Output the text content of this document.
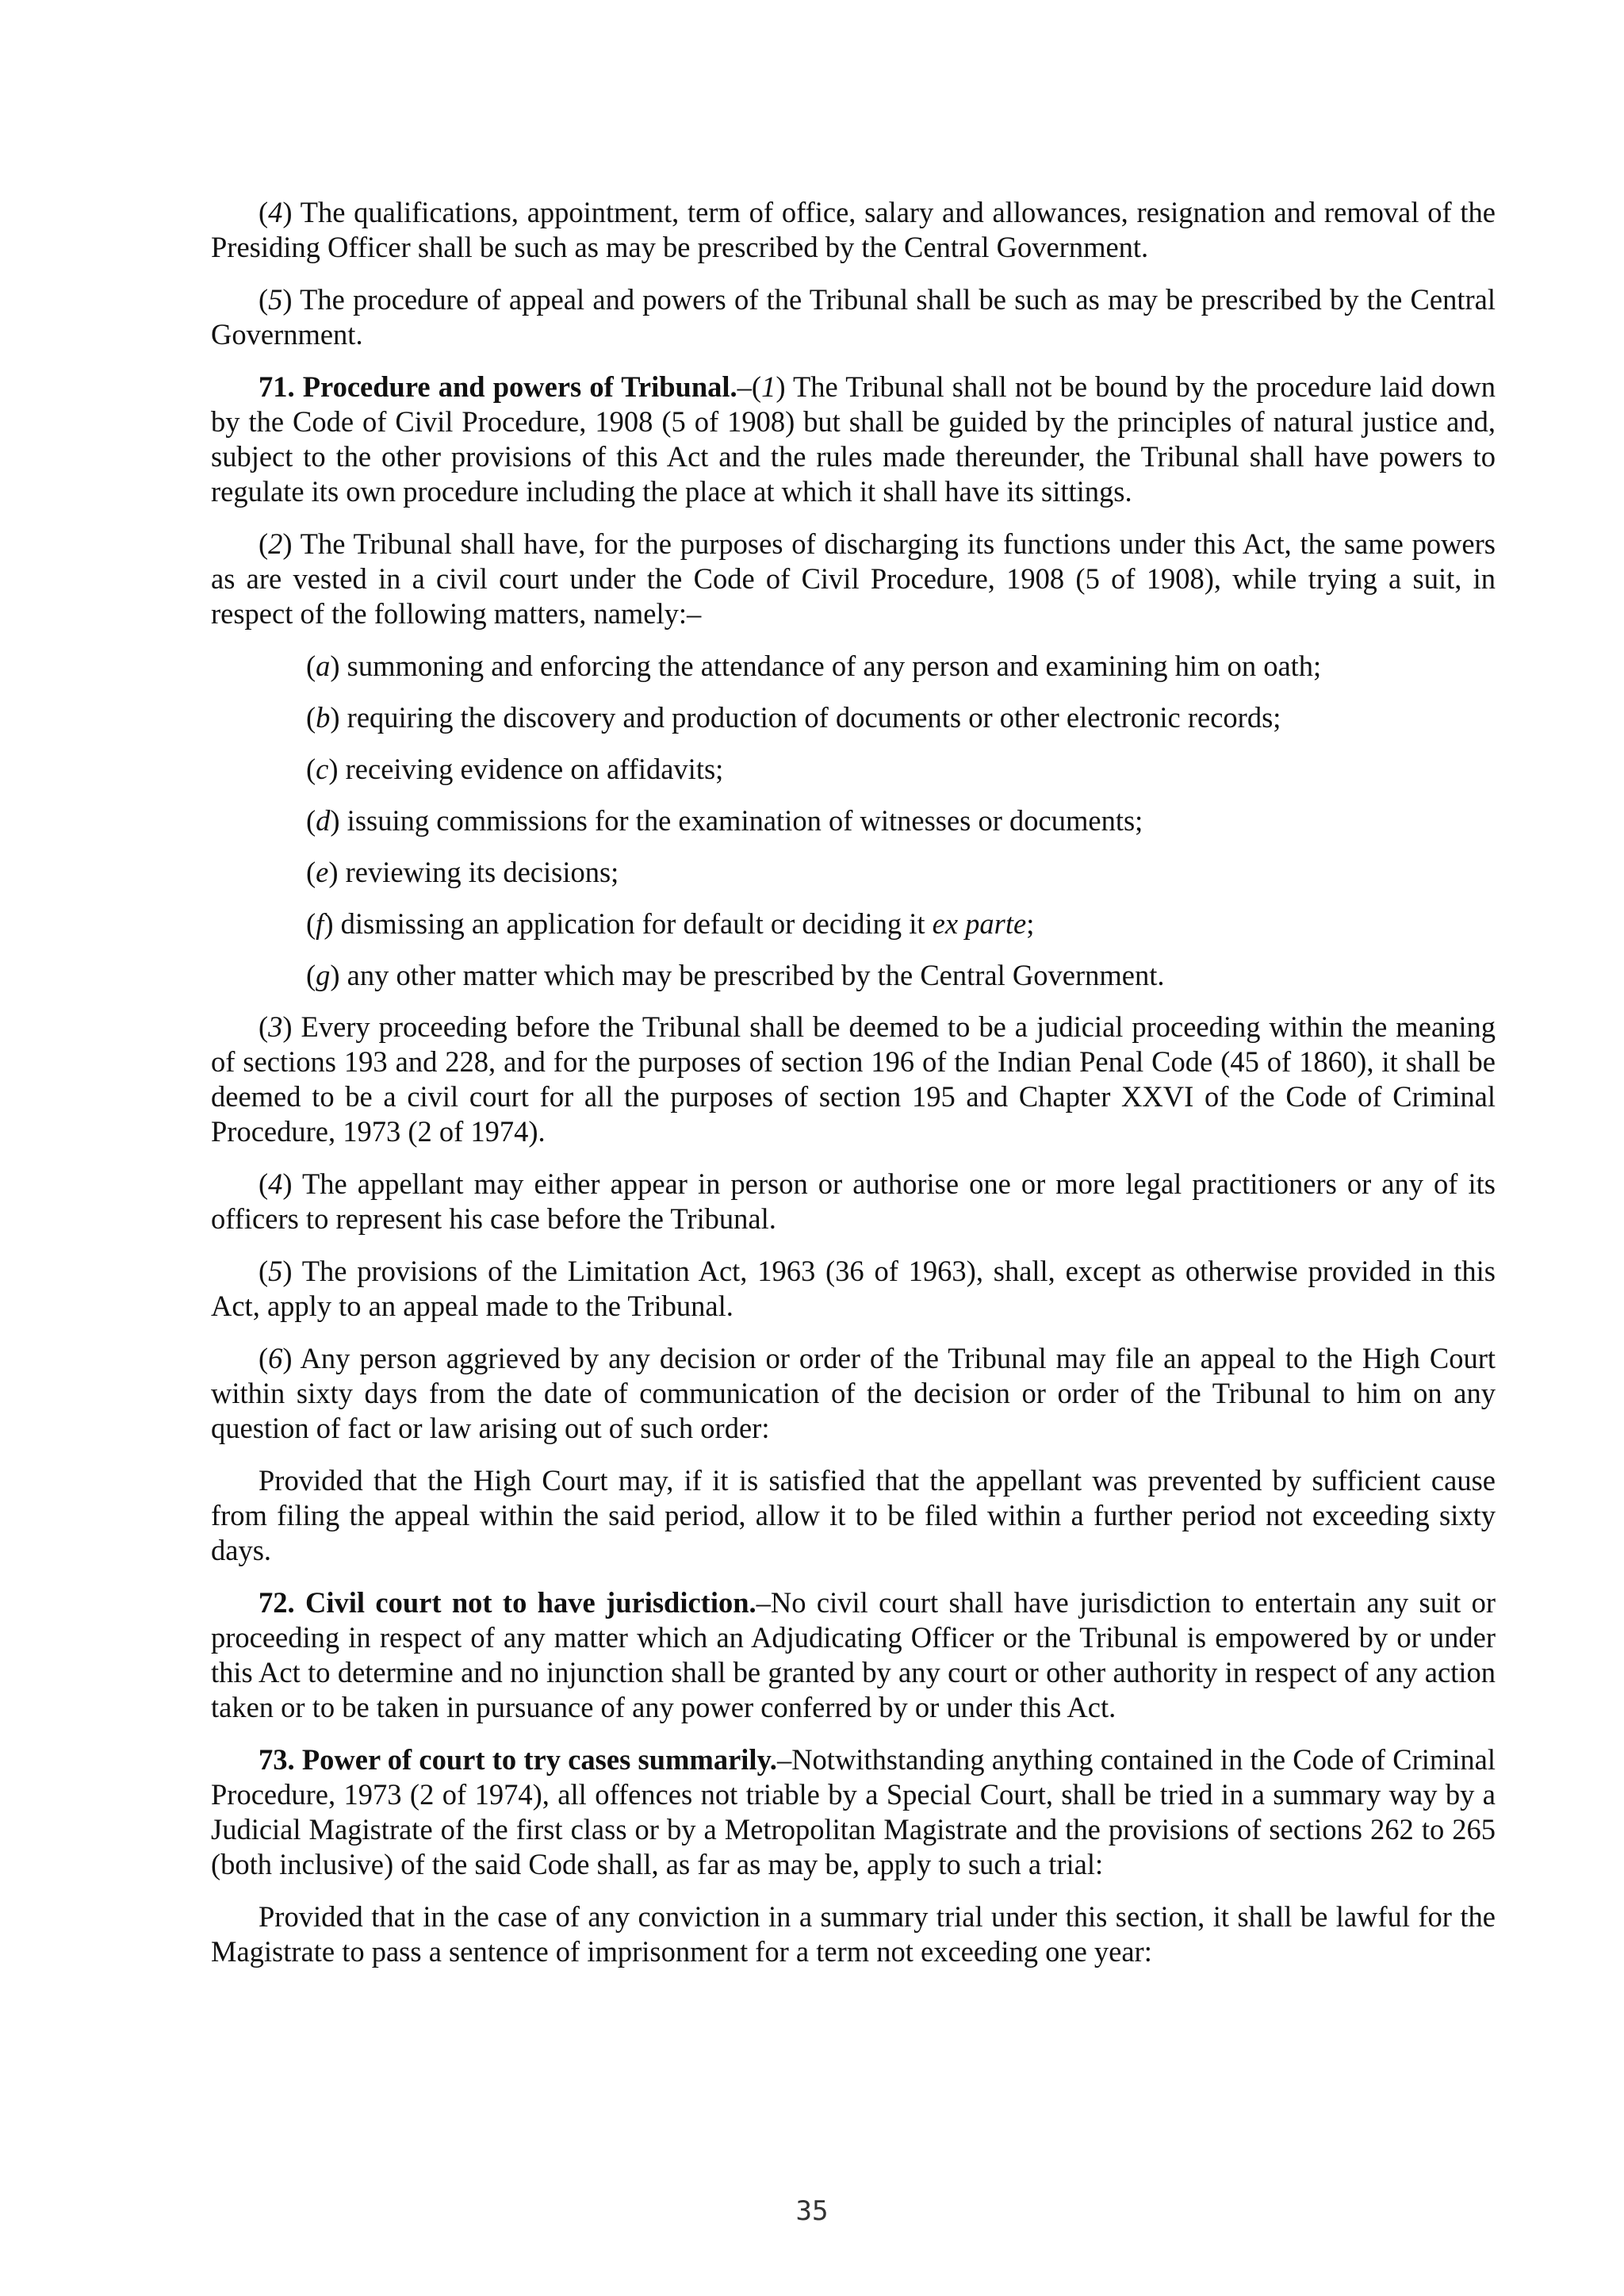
(4) The qualifications, appointment, term of office, salary and allowances, resignation and removal of the Presiding Officer shall be such as may be prescribed by the Central Government.

(5) The procedure of appeal and powers of the Tribunal shall be such as may be prescribed by the Central Government.

71. Procedure and powers of Tribunal.–(1) The Tribunal shall not be bound by the procedure laid down by the Code of Civil Procedure, 1908 (5 of 1908) but shall be guided by the principles of natural justice and, subject to the other provisions of this Act and the rules made thereunder, the Tribunal shall have powers to regulate its own procedure including the place at which it shall have its sittings.

(2) The Tribunal shall have, for the purposes of discharging its functions under this Act, the same powers as are vested in a civil court under the Code of Civil Procedure, 1908 (5 of 1908), while trying a suit, in respect of the following matters, namely:–

(a) summoning and enforcing the attendance of any person and examining him on oath;

(b) requiring the discovery and production of documents or other electronic records;

(c) receiving evidence on affidavits;

(d) issuing commissions for the examination of witnesses or documents;

(e) reviewing its decisions;

(f) dismissing an application for default or deciding it ex parte;

(g) any other matter which may be prescribed by the Central Government.

(3) Every proceeding before the Tribunal shall be deemed to be a judicial proceeding within the meaning of sections 193 and 228, and for the purposes of section 196 of the Indian Penal Code (45 of 1860), it shall be deemed to be a civil court for all the purposes of section 195 and Chapter XXVI of the Code of Criminal Procedure, 1973 (2 of 1974).

(4) The appellant may either appear in person or authorise one or more legal practitioners or any of its officers to represent his case before the Tribunal.

(5) The provisions of the Limitation Act, 1963 (36 of 1963), shall, except as otherwise provided in this Act, apply to an appeal made to the Tribunal.

(6) Any person aggrieved by any decision or order of the Tribunal may file an appeal to the High Court within sixty days from the date of communication of the decision or order of the Tribunal to him on any question of fact or law arising out of such order:

Provided that the High Court may, if it is satisfied that the appellant was prevented by sufficient cause from filing the appeal within the said period, allow it to be filed within a further period not exceeding sixty days.

72. Civil court not to have jurisdiction.–No civil court shall have jurisdiction to entertain any suit or proceeding in respect of any matter which an Adjudicating Officer or the Tribunal is empowered by or under this Act to determine and no injunction shall be granted by any court or other authority in respect of any action taken or to be taken in pursuance of any power conferred by or under this Act.

73. Power of court to try cases summarily.–Notwithstanding anything contained in the Code of Criminal Procedure, 1973 (2 of 1974), all offences not triable by a Special Court, shall be tried in a summary way by a Judicial Magistrate of the first class or by a Metropolitan Magistrate and the provisions of sections 262 to 265 (both inclusive) of the said Code shall, as far as may be, apply to such a trial:

Provided that in the case of any conviction in a summary trial under this section, it shall be lawful for the Magistrate to pass a sentence of imprisonment for a term not exceeding one year:

35
